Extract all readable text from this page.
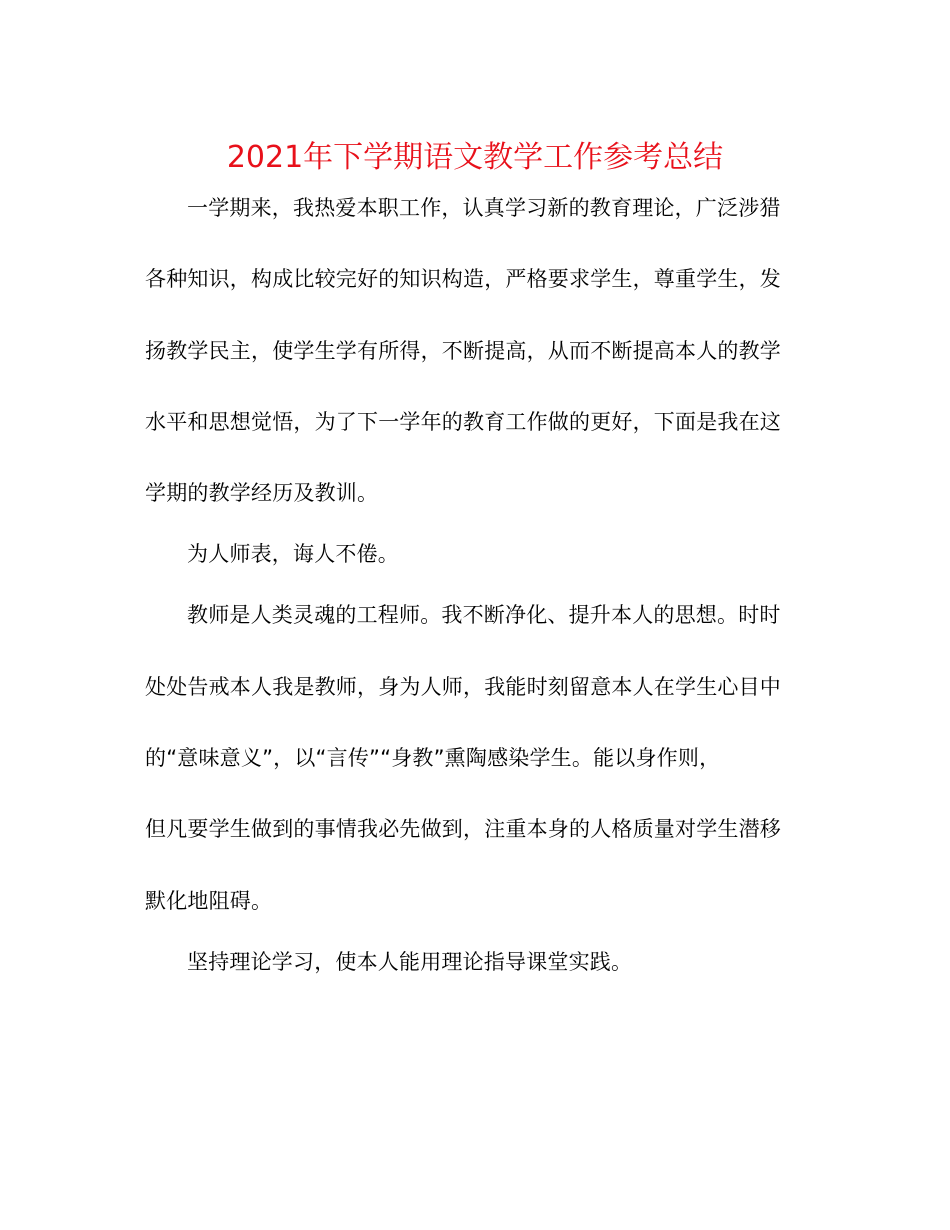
2021年下学期语文教学工作参考总结

一学期来，我热爱本职工作，认真学习新的教育理论，广泛涉猎

各种知识，构成比较完好的知识构造，严格要求学生，尊重学生，发

扬教学民主，使学生学有所得，不断提高，从而不断提高本人的教学

水平和思想觉悟，为了下一学年的教育工作做的更好，下面是我在这

学期的教学经历及教训。

为人师表，诲人不倦。

教师是人类灵魂的工程师。我不断净化、提升本人的思想。时时

处处告戒本人我是教师，身为人师，我能时刻留意本人在学生心目中

的“意味意义”，以“言传”“身教”熏陶感染学生。能以身作则，

但凡要学生做到的事情我必先做到，注重本身的人格质量对学生潜移

默化地阻碍。

坚持理论学习，使本人能用理论指导课堂实践。
